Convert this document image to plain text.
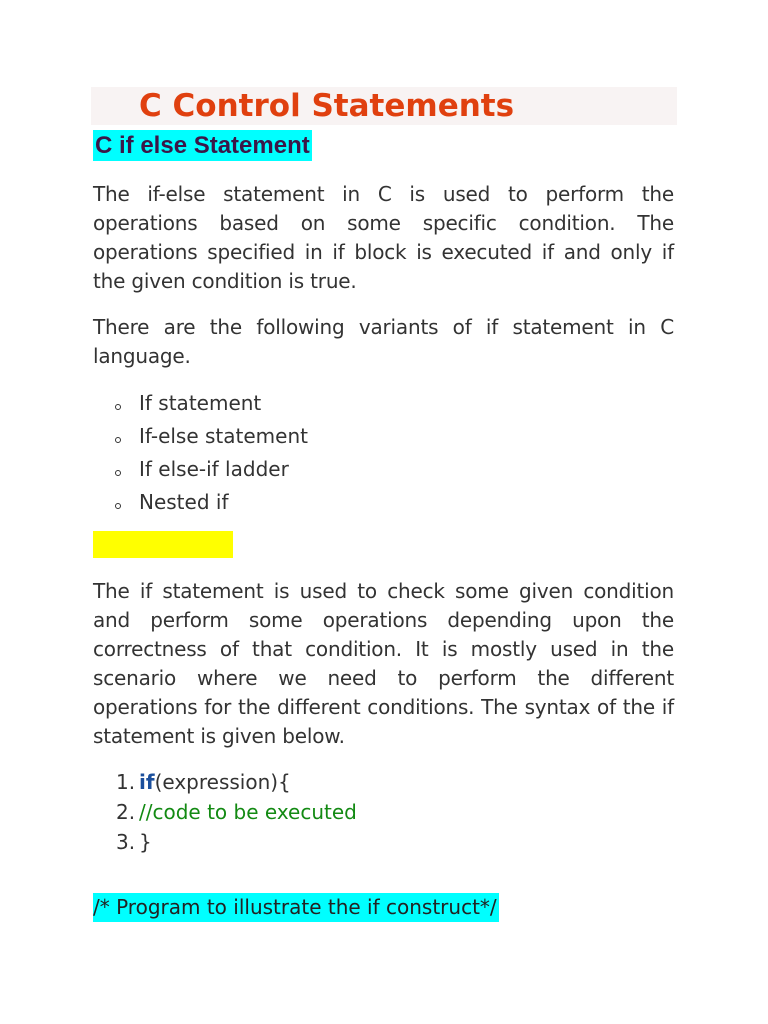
C Control Statements
C if else Statement

The if-else statement in C is used to perform the operations based on some specific condition. The operations specified in if block is executed if and only if the given condition is true.

There are the following variants of if statement in C language.

If statement
If-else statement
If else-if ladder
Nested if

The if statement is used to check some given condition and perform some operations depending upon the correctness of that condition. It is mostly used in the scenario where we need to perform the different operations for the different conditions. The syntax of the if statement is given below.

1. if(expression){
2. //code to be executed
3. }

/* Program to illustrate the if construct*/
